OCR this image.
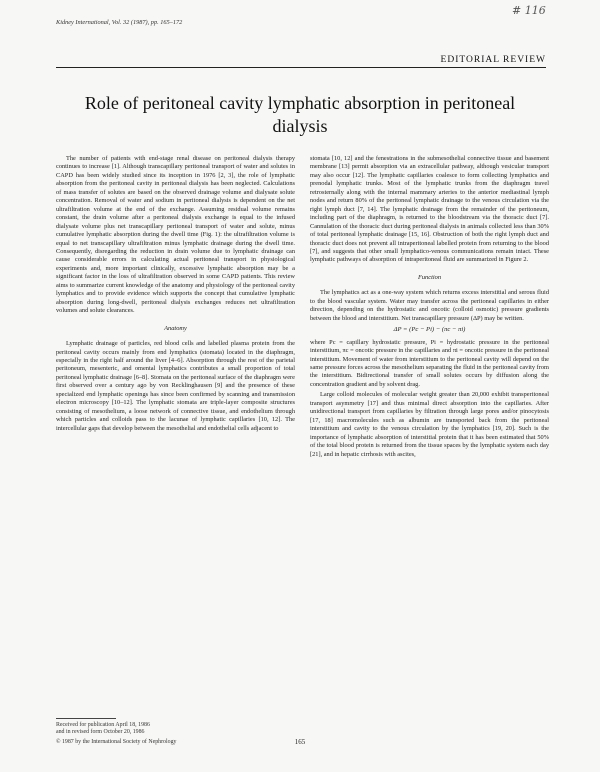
# 116
Kidney International, Vol. 32 (1987), pp. 165–172
EDITORIAL REVIEW
Role of peritoneal cavity lymphatic absorption in peritoneal dialysis

The number of patients with end-stage renal disease on peritoneal dialysis therapy continues to increase [1]. Although transcapillary peritoneal transport of water and solutes in CAPD has been widely studied since its inception in 1976 [2, 3], the role of lymphatic absorption from the peritoneal cavity in peritoneal dialysis has been neglected. Calculations of mass transfer of solutes are based on the observed drainage volume and dialysate solute concentration. Removal of water and sodium in peritoneal dialysis is dependent on the net ultrafiltration volume at the end of the exchange. Assuming residual volume remains constant, the drain volume after a peritoneal dialysis exchange is equal to the infused dialysate volume plus net transcapillary peritoneal transport of water and solute, minus cumulative lymphatic absorption during the dwell time (Fig. 1): the ultrafiltration volume is equal to net transcapillary ultrafiltration minus lymphatic drainage during the dwell time. Consequently, disregarding the reduction in drain volume due to lymphatic drainage can cause considerable errors in calculating actual peritoneal transport in physiological experiments and, more important clinically, excessive lymphatic absorption may be a significant factor in the loss of ultrafiltration observed in some CAPD patients. This review aims to summarize current knowledge of the anatomy and physiology of the peritoneal cavity lymphatics and to provide evidence which supports the concept that cumulative lymphatic absorption during long-dwell, peritoneal dialysis exchanges reduces net ultrafiltration volumes and solute clearances.

Anatomy

Lymphatic drainage of particles, red blood cells and labelled plasma protein from the peritoneal cavity occurs mainly from end lymphatics (stomata) located in the diaphragm, especially in the right half around the liver [4–6]. Absorption through the rest of the parietal peritoneum, mesenteric, and omental lymphatics contributes a small proportion of total peritoneal lymphatic drainage [6–8]. Stomata on the peritoneal surface of the diaphragm were first observed over a century ago by von Recklinghausen [9] and the presence of these specialized end lymphatic openings has since been confirmed by scanning and transmission electron microscopy [10–12]. The lymphatic stomata are triple-layer composite structures consisting of mesothelium, a loose network of connective tissue, and endothelium through which particles and colloids pass to the lacunae of lymphatic capillaries [10, 12]. The intercellular gaps that develop between the mesothelial and endothelial cells adjacent to

stomata [10, 12] and the fenestrations in the submesothelial connective tissue and basement membrane [13] permit absorption via an extracellular pathway, although vesicular transport may also occur [12]. The lymphatic capillaries coalesce to form collecting lymphatics and prenodal lymphatic trunks. Most of the lymphatic trunks from the diaphragm travel retrosternally along with the internal mammary arteries to the anterior mediastinal lymph nodes and return 80% of the peritoneal lymphatic drainage to the venous circulation via the right lymph duct [7, 14]. The lymphatic drainage from the remainder of the peritoneum, including part of the diaphragm, is returned to the bloodstream via the thoracic duct [7]. Cannulation of the thoracic duct during peritoneal dialysis in animals collected less than 30% of total peritoneal lymphatic drainage [15, 16]. Obstruction of both the right lymph duct and thoracic duct does not prevent all intraperitoneal labelled protein from returning to the blood [7], and suggests that other small lymphatico-venous communications remain intact. These lymphatic pathways of absorption of intraperitoneal fluid are summarized in Figure 2.

Function

The lymphatics act as a one-way system which returns excess interstitial and serous fluid to the blood vascular system. Water may transfer across the peritoneal capillaries in either direction, depending on the hydrostatic and oncotic (colloid osmotic) pressure gradients between the blood and interstitium. Net transcapillary pressure (ΔP) may be written.

ΔP = (Pc − Pi) − (πc − πi)

where Pc = capillary hydrostatic pressure, Pi = hydrostatic pressure in the peritoneal interstitium, πc = oncotic pressure in the capillaries and πi = oncotic pressure in the peritoneal interstitium. Movement of water from interstitium to the peritoneal cavity will depend on the same pressure forces across the mesothelium separating the fluid in the peritoneal cavity from the interstitium. Bidirectional transfer of small solutes occurs by diffusion along the concentration gradient and by solvent drag.

Large colloid molecules of molecular weight greater than 20,000 exhibit transperitoneal transport asymmetry [17] and thus minimal direct absorption into the capillaries. After unidirectional transport from capillaries by filtration through large pores and/or pinocytosis [17, 18] macromolecules such as albumin are transported back from the peritoneal interstitium and cavity to the venous circulation by the lymphatics [19, 20]. Such is the importance of lymphatic absorption of interstitial protein that it has been estimated that 50% of the total blood protein is returned from the tissue spaces by the lymphatic system each day [21], and in hepatic cirrhosis with ascites,

Received for publication April 18, 1986
and in revised form October 20, 1986
© 1987 by the International Society of Nephrology	165
